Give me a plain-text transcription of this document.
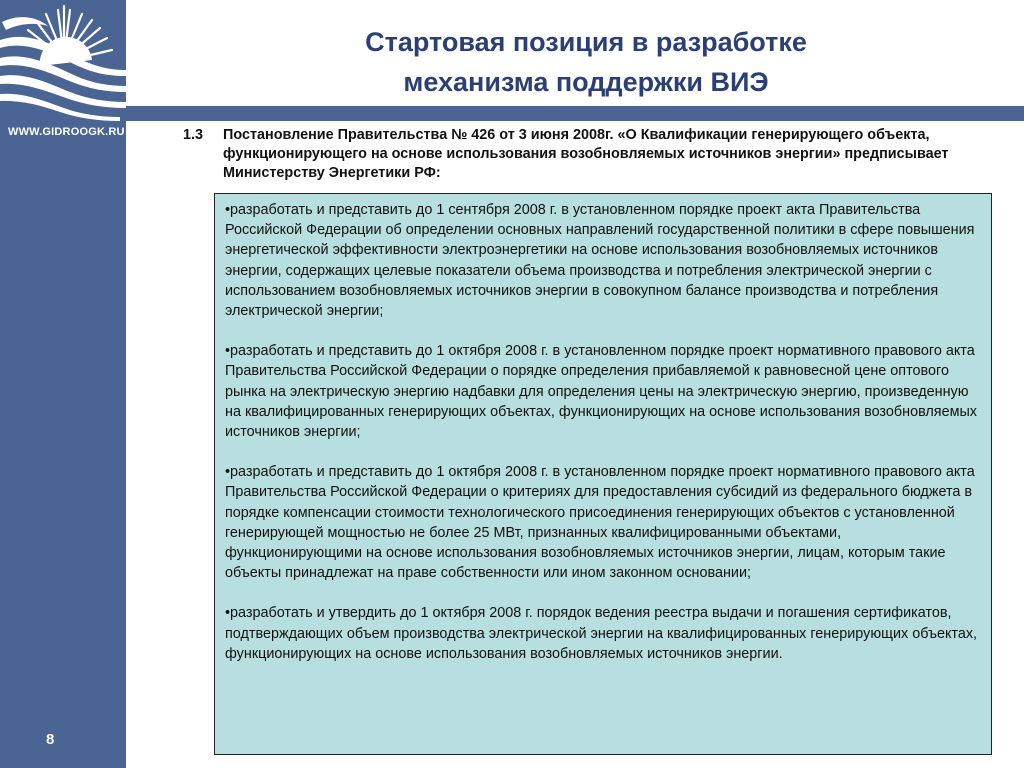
WWW.GIDROOGK.RU
8
Стартовая позиция в разработке
механизма поддержки ВИЭ
1.3	Постановление Правительства № 426 от 3 июня 2008г. «О Квалификации генерирующего объекта, функционирующего на основе использования возобновляемых источников энергии» предписывает Министерству Энергетики РФ:

•разработать и представить до 1 сентября 2008 г. в установленном порядке проект акта Правительства Российской Федерации об определении основных направлений государственной политики в сфере повышения энергетической эффективности электроэнергетики на основе использования возобновляемых источников энергии, содержащих целевые показатели объема производства и потребления электрической энергии с использованием возобновляемых источников энергии в совокупном балансе производства и потребления электрической энергии;

•разработать и представить до 1 октября 2008 г. в установленном порядке проект нормативного правового акта Правительства Российской Федерации о порядке определения прибавляемой к равновесной цене оптового рынка на электрическую энергию надбавки для определения цены на электрическую энергию, произведенную на квалифицированных генерирующих объектах, функционирующих на основе использования возобновляемых источников энергии;

•разработать и представить до 1 октября 2008 г. в установленном порядке проект нормативного правового акта Правительства Российской Федерации о критериях для предоставления субсидий из федерального бюджета в порядке компенсации стоимости технологического присоединения генерирующих объектов с установленной генерирующей мощностью не более 25 МВт, признанных квалифицированными объектами, функционирующими на основе использования возобновляемых источников энергии, лицам, которым такие объекты принадлежат на праве собственности или ином законном основании;

•разработать и утвердить до 1 октября 2008 г. порядок ведения реестра выдачи и погашения сертификатов, подтверждающих объем производства электрической энергии на квалифицированных генерирующих объектах, функционирующих на основе использования возобновляемых источников энергии.
